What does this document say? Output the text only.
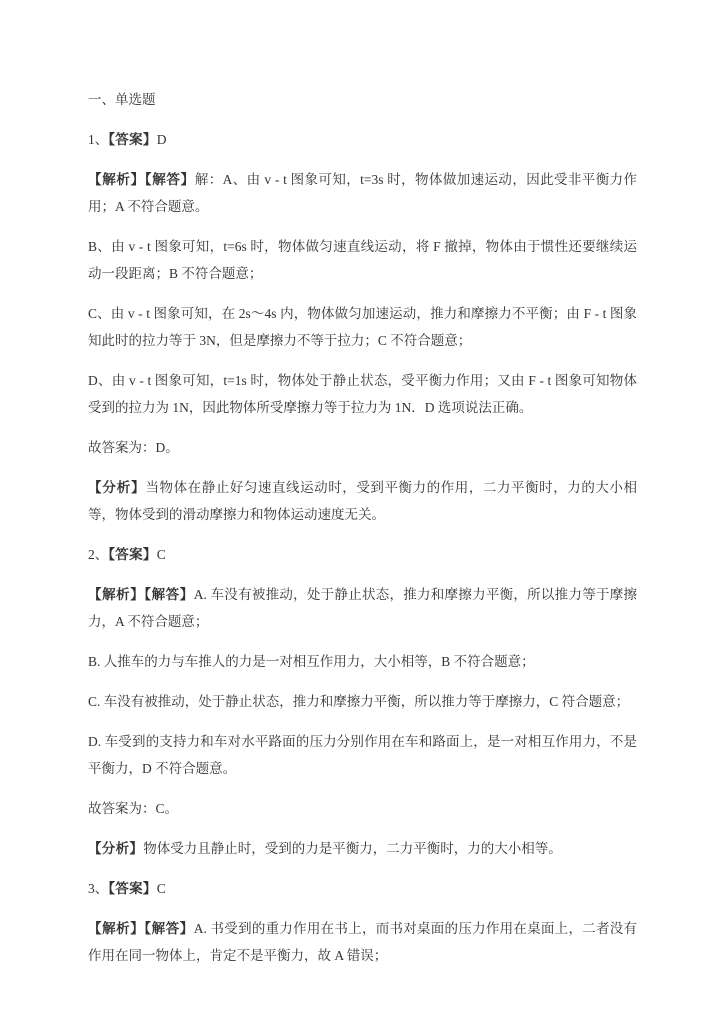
一、单选题

1、【答案】D

【解析】【解答】解：A、由 v - t 图象可知，t=3s 时，物体做加速运动，因此受非平衡力作用；A 不符合题意。

B、由 v - t 图象可知，t=6s 时，物体做匀速直线运动，将 F 撤掉，物体由于惯性还要继续运动一段距离；B 不符合题意；

C、由 v - t 图象可知，在 2s～4s 内，物体做匀加速运动，推力和摩擦力不平衡；由 F - t 图象知此时的拉力等于 3N，但是摩擦力不等于拉力；C 不符合题意；

D、由 v - t 图象可知，t=1s 时，物体处于静止状态，受平衡力作用；又由 F - t 图象可知物体受到的拉力为 1N，因此物体所受摩擦力等于拉力为 1N．D 选项说法正确。

故答案为：D。

【分析】当物体在静止好匀速直线运动时，受到平衡力的作用，二力平衡时，力的大小相等，物体受到的滑动摩擦力和物体运动速度无关。

2、【答案】C

【解析】【解答】A. 车没有被推动，处于静止状态，推力和摩擦力平衡，所以推力等于摩擦力，A 不符合题意；

B. 人推车的力与车推人的力是一对相互作用力，大小相等，B 不符合题意；

C. 车没有被推动，处于静止状态，推力和摩擦力平衡，所以推力等于摩擦力，C 符合题意；

D. 车受到的支持力和车对水平路面的压力分别作用在车和路面上，是一对相互作用力，不是平衡力，D 不符合题意。

故答案为：C。

【分析】物体受力且静止时，受到的力是平衡力，二力平衡时，力的大小相等。

3、【答案】C

【解析】【解答】A. 书受到的重力作用在书上，而书对桌面的压力作用在桌面上，二者没有作用在同一物体上，肯定不是平衡力，故 A 错误；
